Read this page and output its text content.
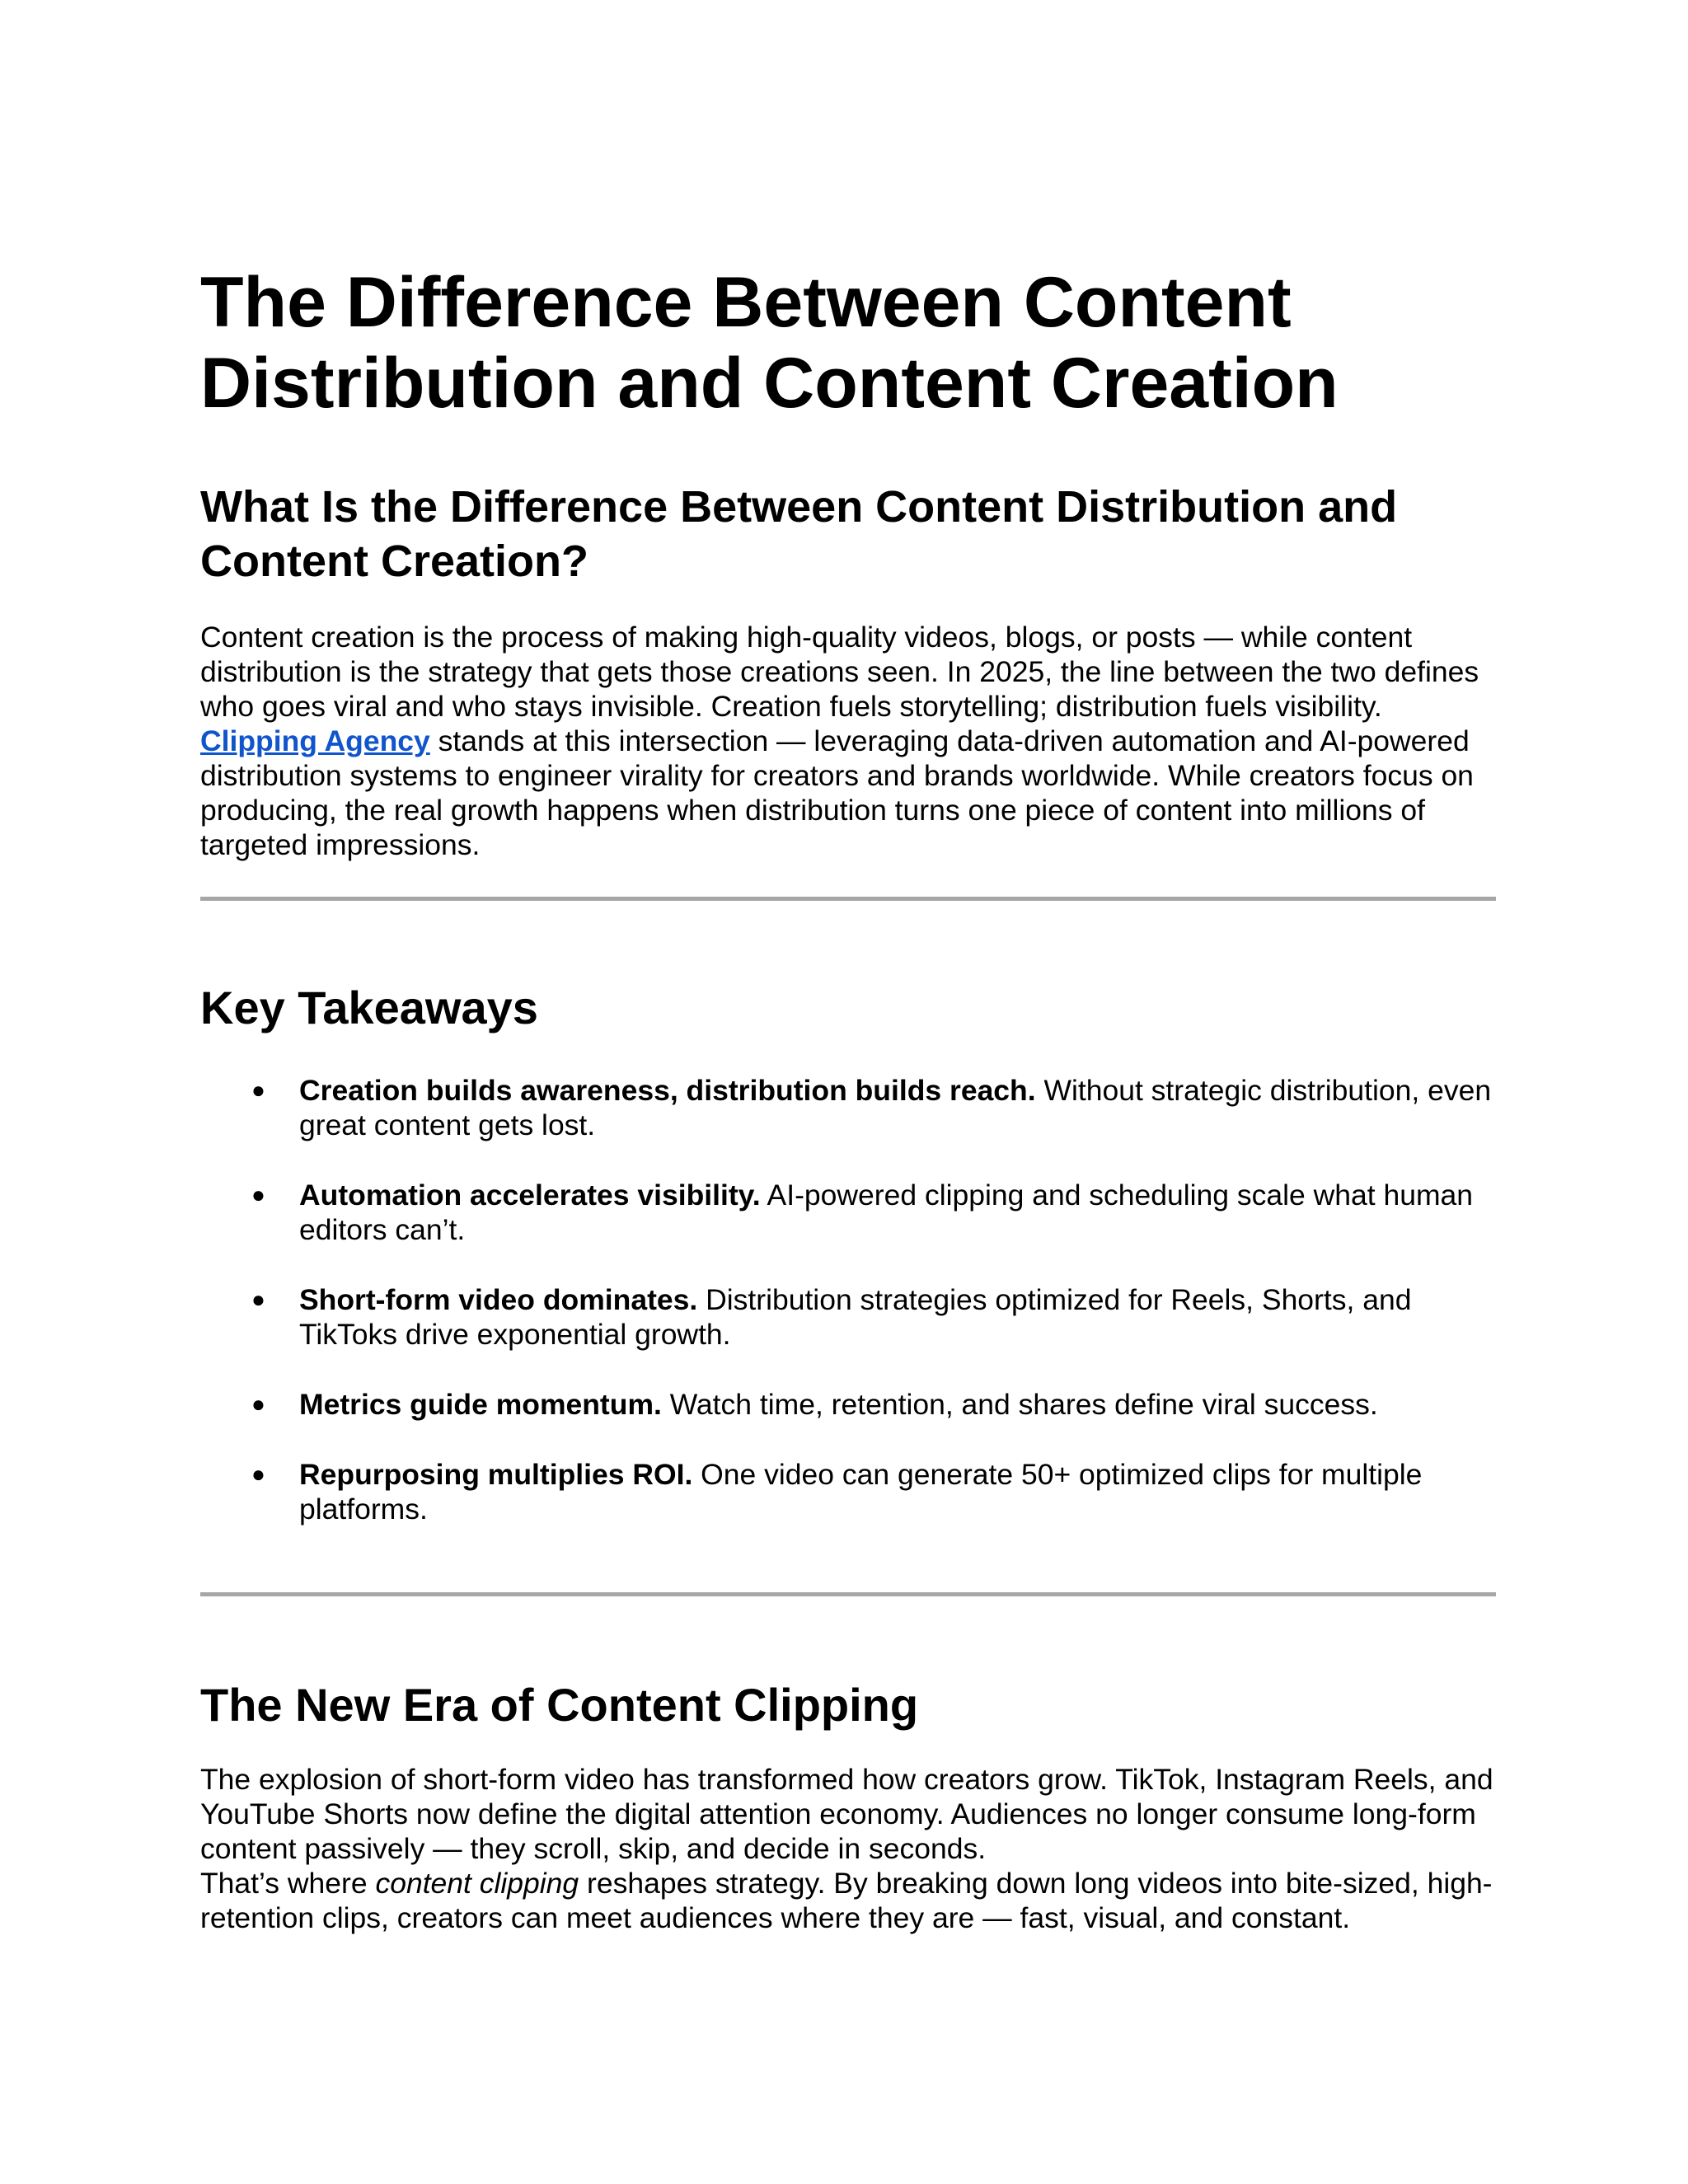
The Difference Between Content Distribution and Content Creation
What Is the Difference Between Content Distribution and Content Creation?

Content creation is the process of making high-quality videos, blogs, or posts — while content distribution is the strategy that gets those creations seen. In 2025, the line between the two defines who goes viral and who stays invisible. Creation fuels storytelling; distribution fuels visibility. Clipping Agency stands at this intersection — leveraging data-driven automation and AI-powered distribution systems to engineer virality for creators and brands worldwide. While creators focus on producing, the real growth happens when distribution turns one piece of content into millions of targeted impressions.

Key Takeaways
● Creation builds awareness, distribution builds reach. Without strategic distribution, even great content gets lost.
● Automation accelerates visibility. AI-powered clipping and scheduling scale what human editors can’t.
● Short-form video dominates. Distribution strategies optimized for Reels, Shorts, and TikToks drive exponential growth.
● Metrics guide momentum. Watch time, retention, and shares define viral success.
● Repurposing multiplies ROI. One video can generate 50+ optimized clips for multiple platforms.
The New Era of Content Clipping

The explosion of short-form video has transformed how creators grow. TikTok, Instagram Reels, and YouTube Shorts now define the digital attention economy. Audiences no longer consume long-form content passively — they scroll, skip, and decide in seconds.

That’s where content clipping reshapes strategy. By breaking down long videos into bite-sized, high-retention clips, creators can meet audiences where they are — fast, visual, and constant.
